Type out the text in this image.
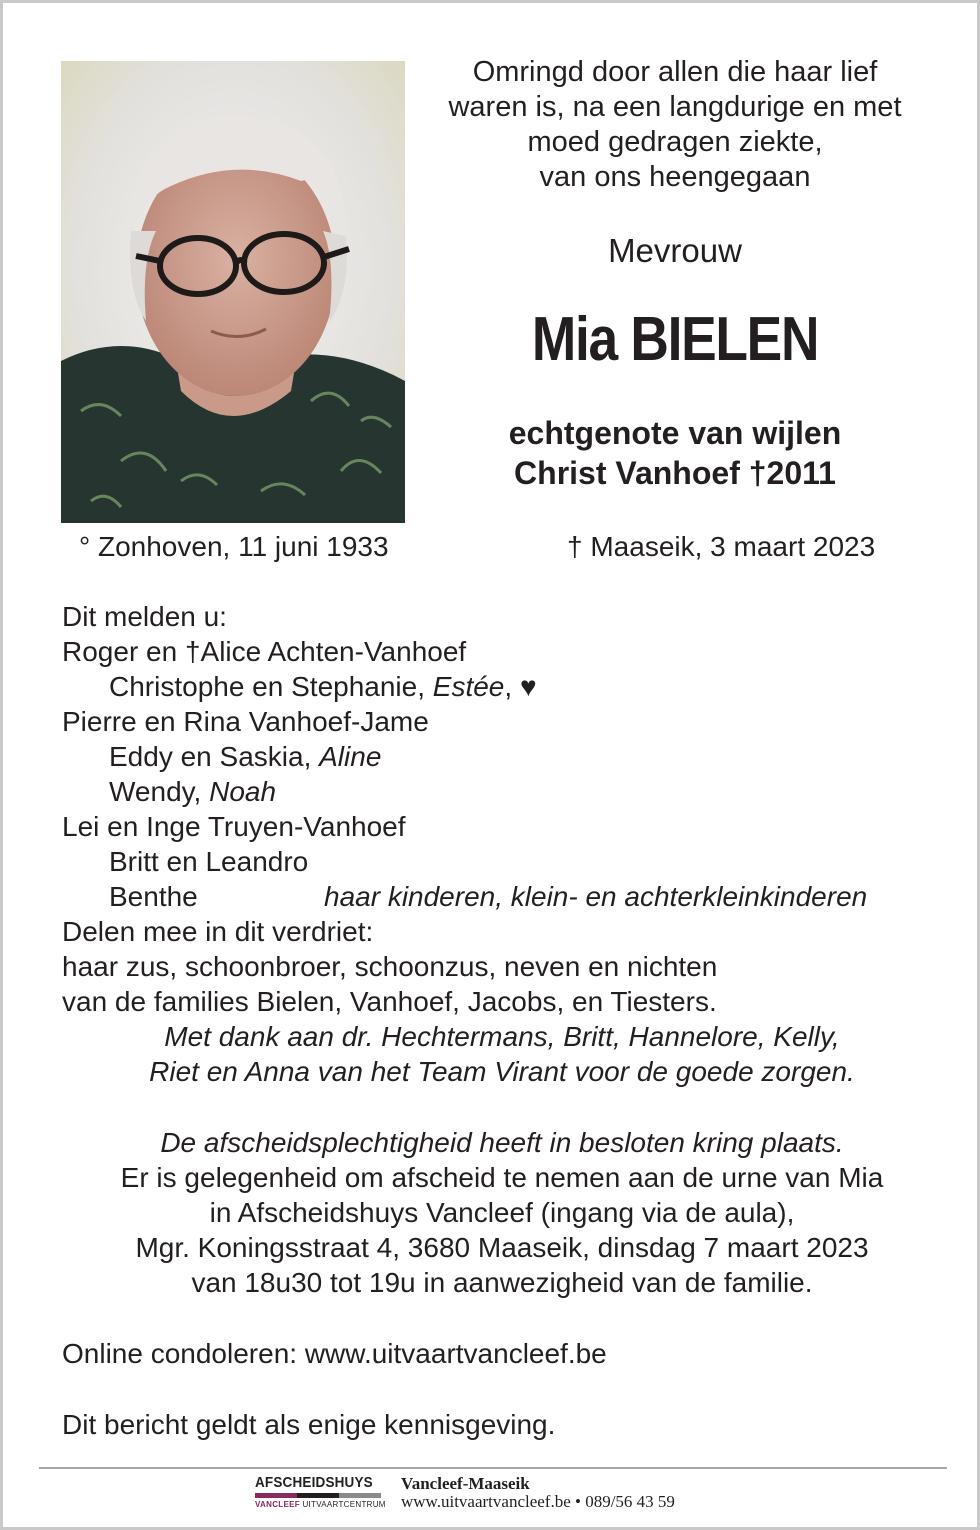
Omringd door allen die haar lief
waren is, na een langdurige en met
moed gedragen ziekte,
van ons heengegaan
Mevrouw
Mia BIELEN
echtgenote van wijlen
Christ Vanhoef †2011
° Zonhoven, 11 juni 1933	† Maaseik, 3 maart 2023
Dit melden u:
Roger en †Alice Achten-Vanhoef
Christophe en Stephanie, Estée, ♥
Pierre en Rina Vanhoef-Jame
Eddy en Saskia, Aline
Wendy, Noah
Lei en Inge Truyen-Vanhoef
Britt en Leandro
Benthe	haar kinderen, klein- en achterkleinkinderen
Delen mee in dit verdriet:
haar zus, schoonbroer, schoonzus, neven en nichten
van de families Bielen, Vanhoef, Jacobs, en Tiesters.
Met dank aan dr. Hechtermans, Britt, Hannelore, Kelly,
Riet en Anna van het Team Virant voor de goede zorgen.
De afscheidsplechtigheid heeft in besloten kring plaats.
Er is gelegenheid om afscheid te nemen aan de urne van Mia
in Afscheidshuys Vancleef (ingang via de aula),
Mgr. Koningsstraat 4, 3680 Maaseik, dinsdag 7 maart 2023
van 18u30 tot 19u in aanwezigheid van de familie.
Online condoleren: www.uitvaartvancleef.be
Dit bericht geldt als enige kennisgeving.
AFSCHEIDSHUYS
VANCLEEF UITVAARTCENTRUM
Vancleef-Maaseik
www.uitvaartvancleef.be • 089/56 43 59
